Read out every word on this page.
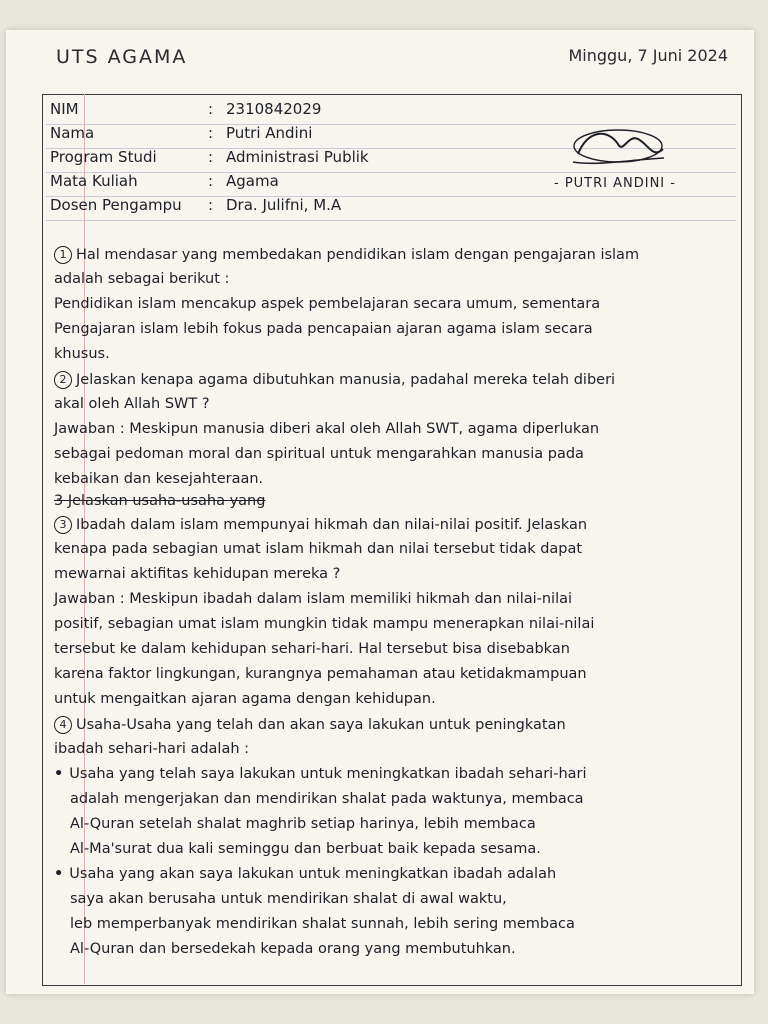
UTS AGAMA	Minggu, 7 Juni 2024
NIM	: 2310842029
Nama	: Putri Andini
Program Studi	: Administrasi Publik
Mata Kuliah	: Agama
Dosen Pengampu : Dra. Julifni, M.A
- PUTRI ANDINI -
1 Hal mendasar yang membedakan pendidikan islam dengan pengajaran islam
adalah sebagai berikut :
Pendidikan islam mencakup aspek pembelajaran secara umum, sementara
Pengajaran islam lebih fokus pada pencapaian ajaran agama islam secara
khusus.
2 Jelaskan kenapa agama dibutuhkan manusia, padahal mereka telah diberi
akal oleh Allah SWT ?
Jawaban : Meskipun manusia diberi akal oleh Allah SWT, agama diperlukan
sebagai pedoman moral dan spiritual untuk mengarahkan manusia pada
kebaikan dan kesejahteraan.
3 Jelaskan usaha-usaha yang
3 Ibadah dalam islam mempunyai hikmah dan nilai-nilai positif. Jelaskan
kenapa pada sebagian umat islam hikmah dan nilai tersebut tidak dapat
mewarnai aktifitas kehidupan mereka ?
Jawaban : Meskipun ibadah dalam islam memiliki hikmah dan nilai-nilai
positif, sebagian umat islam mungkin tidak mampu menerapkan nilai-nilai
tersebut ke dalam kehidupan sehari-hari. Hal tersebut bisa disebabkan
karena faktor lingkungan, kurangnya pemahaman atau ketidakmampuan
untuk mengaitkan ajaran agama dengan kehidupan.
4 Usaha-Usaha yang telah dan akan saya lakukan untuk peningkatan
ibadah sehari-hari adalah :
• Usaha yang telah saya lakukan untuk meningkatkan ibadah sehari-hari
adalah mengerjakan dan mendirikan shalat pada waktunya, membaca
Al-Quran setelah shalat maghrib setiap harinya, lebih membaca
Al-Ma'surat dua kali seminggu dan berbuat baik kepada sesama.
• Usaha yang akan saya lakukan untuk meningkatkan ibadah adalah
saya akan berusaha untuk mendirikan shalat di awal waktu,
leb memperbanyak mendirikan shalat sunnah, lebih sering membaca
Al-Quran dan bersedekah kepada orang yang membutuhkan.
